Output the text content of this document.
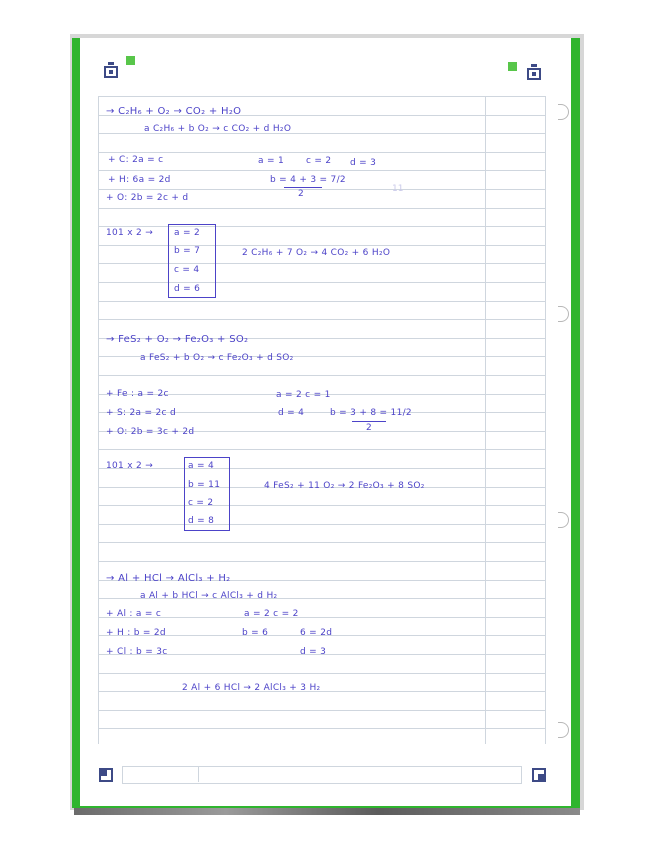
→ C₂H₆ + O₂ → CO₂ + H₂O
a C₂H₆ + b O₂ → c CO₂ + d H₂O
+ C: 2a = c
+ H: 6a = 2d
+ O: 2b = 2c + d
a = 1 c = 2 d = 3
b = 4 + 3 = 7/2
2	11
101 x 2 → a = 2
b = 7
c = 4
d = 6
2 C₂H₆ + 7 O₂ → 4 CO₂ + 6 H₂O
→ FeS₂ + O₂ → Fe₂O₃ + SO₂
a FeS₂ + b O₂ → c Fe₂O₃ + d SO₂
+ Fe : a = 2c
+ S: 2a = 2c d
+ O: 2b = 3c + 2d
a = 2 c = 1
d = 4	b = 3 + 8 = 11/2
2
101 x 2 →	a = 4
b = 11
c = 2
d = 8
4 FeS₂ + 11 O₂ → 2 Fe₂O₃ + 8 SO₂
→ Al + HCl → AlCl₃ + H₂
a Al + b HCl → c AlCl₃ + d H₂
+ Al : a = c
+ H : b = 2d
+ Cl : b = 3c
a = 2 c = 2
b = 6	6 = 2d
d = 3
2 Al + 6 HCl → 2 AlCl₃ + 3 H₂
